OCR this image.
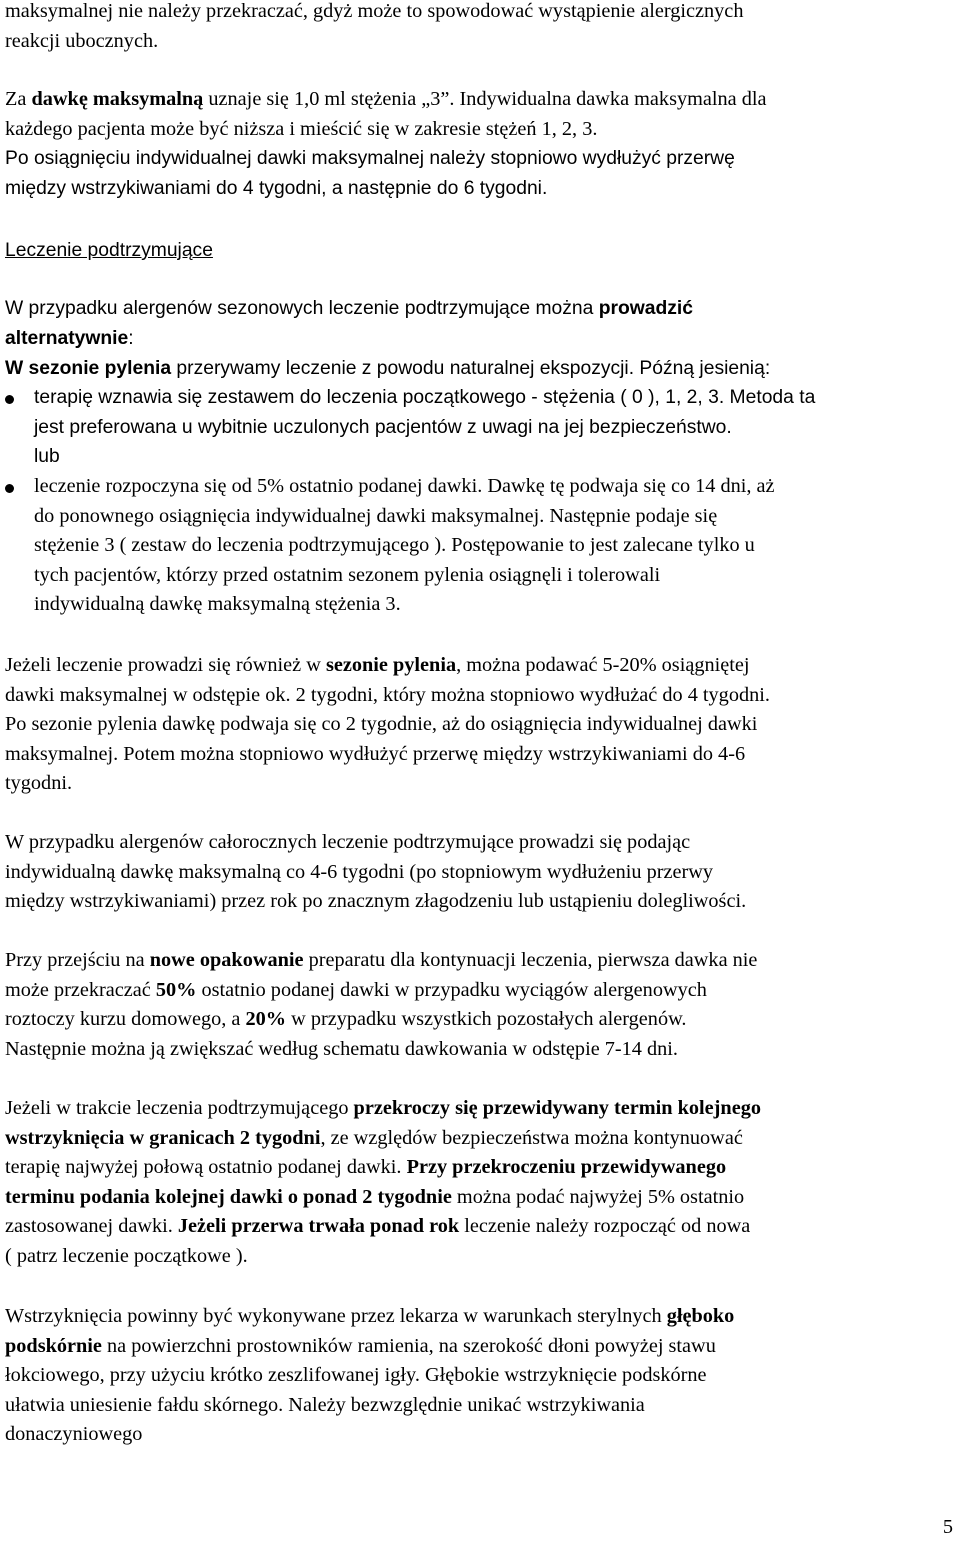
maksymalnej nie należy przekraczać, gdyż może to spowodować wystąpienie alergicznych
reakcji ubocznych.

Za dawkę maksymalną uznaje się 1,0 ml stężenia „3”. Indywidualna dawka maksymalna dla
każdego pacjenta może być niższa i mieścić się w zakresie stężeń 1, 2, 3.

Po osiągnięciu indywidualnej dawki maksymalnej należy stopniowo wydłużyć przerwę
między wstrzykiwaniami do 4 tygodni, a następnie do 6 tygodni.

Leczenie podtrzymujące

W przypadku alergenów sezonowych leczenie podtrzymujące można prowadzić
alternatywnie:

W sezonie pylenia przerywamy leczenie z powodu naturalnej ekspozycji. Późną jesienią:

terapię wznawia się zestawem do leczenia początkowego - stężenia ( 0 ), 1, 2, 3. Metoda ta
jest preferowana u wybitnie uczulonych pacjentów z uwagi na jej bezpieczeństwo.
lub

leczenie rozpoczyna się od 5% ostatnio podanej dawki. Dawkę tę podwaja się co 14 dni, aż
do ponownego osiągnięcia indywidualnej dawki maksymalnej. Następnie podaje się
stężenie 3 ( zestaw do leczenia podtrzymującego ). Postępowanie to jest zalecane tylko u
tych pacjentów, którzy przed ostatnim sezonem pylenia osiągnęli i tolerowali
indywidualną dawkę maksymalną stężenia 3.

Jeżeli leczenie prowadzi się również w sezonie pylenia, można podawać 5-20% osiągniętej
dawki maksymalnej w odstępie ok. 2 tygodni, który można stopniowo wydłużać do 4 tygodni.
Po sezonie pylenia dawkę podwaja się co 2 tygodnie, aż do osiągnięcia indywidualnej dawki
maksymalnej. Potem można stopniowo wydłużyć przerwę między wstrzykiwaniami do 4-6
tygodni.

W przypadku alergenów całorocznych leczenie podtrzymujące prowadzi się podając
indywidualną dawkę maksymalną co 4-6 tygodni (po stopniowym wydłużeniu przerwy
między wstrzykiwaniami) przez rok po znacznym złagodzeniu lub ustąpieniu dolegliwości.

Przy przejściu na nowe opakowanie preparatu dla kontynuacji leczenia, pierwsza dawka nie
może przekraczać 50% ostatnio podanej dawki w przypadku wyciągów alergenowych
roztoczy kurzu domowego, a 20% w przypadku wszystkich pozostałych alergenów.
Następnie można ją zwiększać według schematu dawkowania w odstępie 7-14 dni.

Jeżeli w trakcie leczenia podtrzymującego przekroczy się przewidywany termin kolejnego
wstrzyknięcia w granicach 2 tygodni, ze względów bezpieczeństwa można kontynuować
terapię najwyżej połową ostatnio podanej dawki. Przy przekroczeniu przewidywanego
terminu podania kolejnej dawki o ponad 2 tygodnie można podać najwyżej 5% ostatnio
zastosowanej dawki. Jeżeli przerwa trwała ponad rok leczenie należy rozpocząć od nowa
( patrz leczenie początkowe ).

Wstrzyknięcia powinny być wykonywane przez lekarza w warunkach sterylnych głęboko
podskórnie na powierzchni prostowników ramienia, na szerokość dłoni powyżej stawu
łokciowego, przy użyciu krótko zeszlifowanej igły. Głębokie wstrzyknięcie podskórne
ułatwia uniesienie fałdu skórnego. Należy bezwzględnie unikać wstrzykiwania
donaczyniowego

5
